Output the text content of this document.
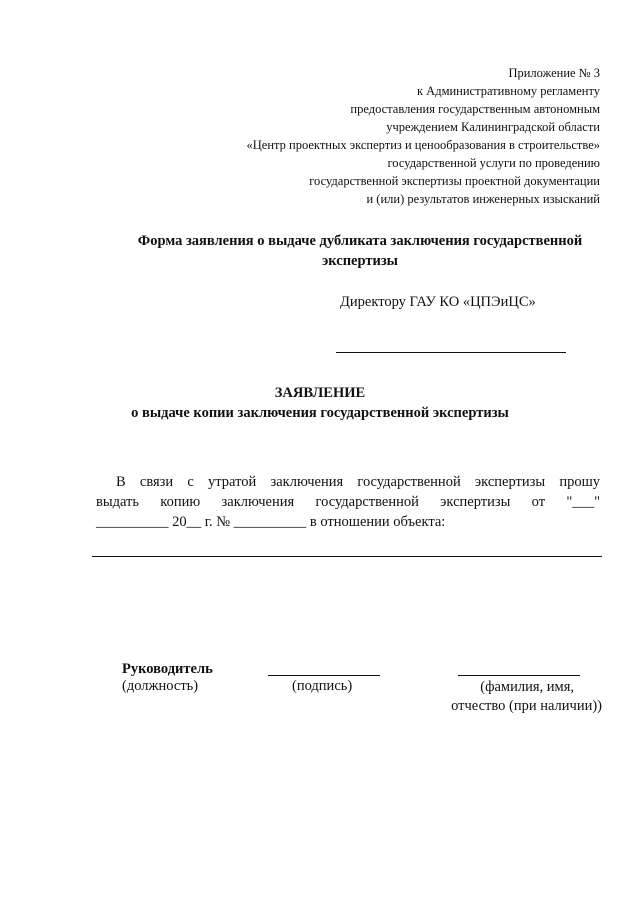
Приложение № 3
к Административному регламенту
предоставления государственным автономным
учреждением Калининградской области
«Центр проектных экспертиз и ценообразования в строительстве»
государственной услуги по проведению
государственной экспертизы проектной документации
и (или) результатов инженерных изысканий
Форма заявления о выдаче дубликата заключения государственной
экспертизы
Директору ГАУ КО «ЦПЭиЦС»
ЗАЯВЛЕНИЕ
о выдаче копии заключения государственной экспертизы
В связи с утратой заключения государственной экспертизы прошу
выдать копию заключения государственной экспертизы от "___"
__________ 20__ г. № __________ в отношении объекта:
Руководитель
(должность)	(подпись)	(фамилия, имя,
отчество (при наличии))
